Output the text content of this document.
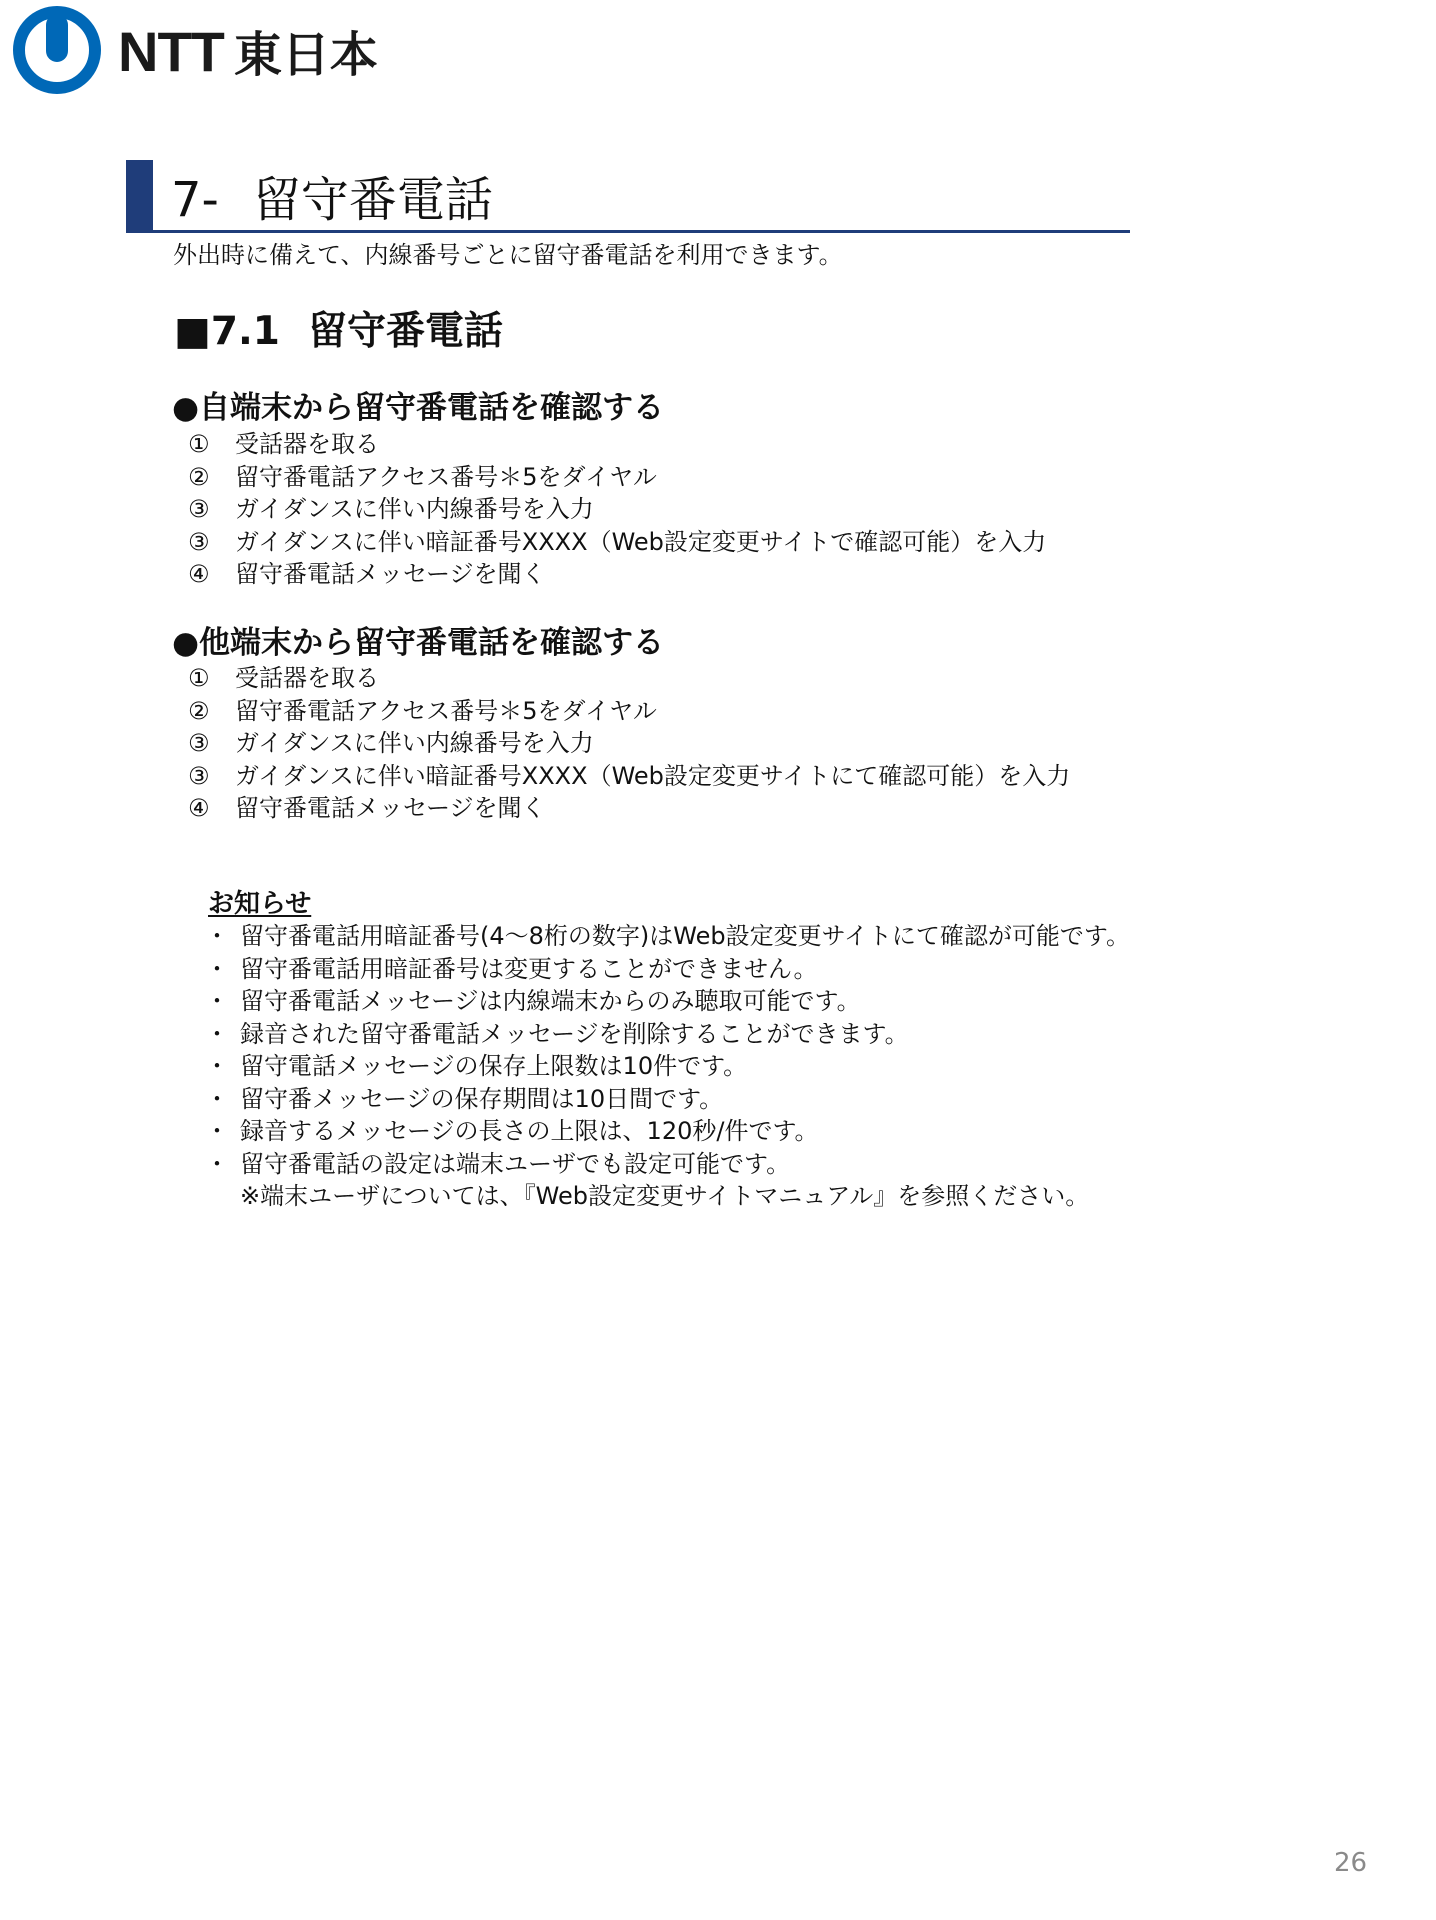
NTT 東日本
7- 留守番電話
外出時に備えて、内線番号ごとに留守番電話を利用できます。
■7.1 留守番電話
●自端末から留守番電話を確認する
① 受話器を取る
② 留守番電話アクセス番号＊5をダイヤル
③ ガイダンスに伴い内線番号を入力
③ ガイダンスに伴い暗証番号XXXX（Web設定変更サイトで確認可能）を入力
④ 留守番電話メッセージを聞く
●他端末から留守番電話を確認する
① 受話器を取る
② 留守番電話アクセス番号＊5をダイヤル
③ ガイダンスに伴い内線番号を入力
③ ガイダンスに伴い暗証番号XXXX（Web設定変更サイトにて確認可能）を入力
④ 留守番電話メッセージを聞く
お知らせ
・ 留守番電話用暗証番号(4～8桁の数字)はWeb設定変更サイトにて確認が可能です。
・ 留守番電話用暗証番号は変更することができません。
・ 留守番電話メッセージは内線端末からのみ聴取可能です。
・ 録音された留守番電話メッセージを削除することができます。
・ 留守電話メッセージの保存上限数は10件です。
・ 留守番メッセージの保存期間は10日間です。
・ 録音するメッセージの長さの上限は、120秒/件です。
・ 留守番電話の設定は端末ユーザでも設定可能です。
※端末ユーザについては、『Web設定変更サイトマニュアル』を参照ください。
26
